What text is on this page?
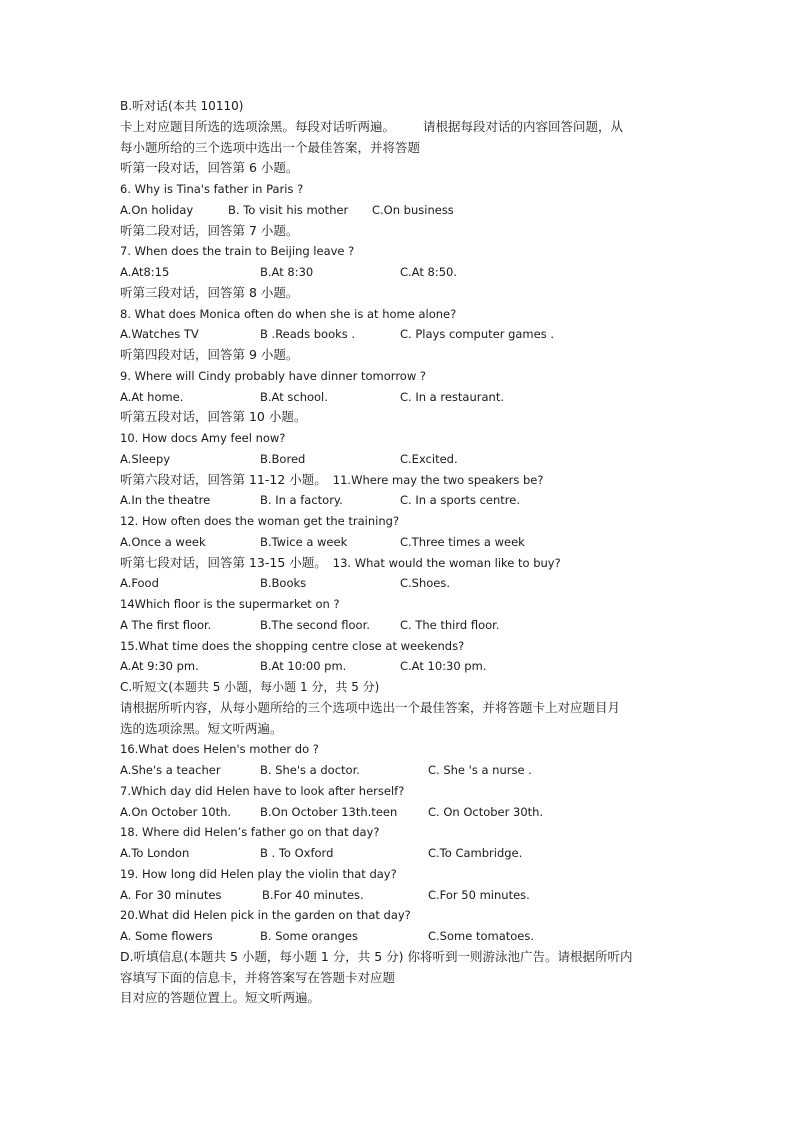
B.听对话(本共 10110)
卡上对应题目所选的选项涂黑。每段对话听两遍。 请根据每段对话的内容回答问题，从
每小题所给的三个选项中选出一个最佳答案，并将答题
听第一段对话，回答第 6 小题。
6. Why is Tina's father in Paris ?
A.On holiday	B. To visit his mother C.On business
听第二段对话，回答第 7 小题。
7. When does the train to Beijing leave ?
A.At8:15	B.At 8:30	C.At 8:50.
听第三段对话，回答第 8 小题。
8. What does Monica often do when she is at home alone?
A.Watches TV	B .Reads books .	C. Plays computer games .
听第四段对话，回答第 9 小题。
9. Where will Cindy probably have dinner tomorrow ?
A.At home.	B.At school.	C. In a restaurant.
听第五段对话，回答第 10 小题。
10. How docs Amy feel now?
A.Sleepy	B.Bored	C.Excited.
听第六段对话，回答第 11-12 小题。 11.Where may the two speakers be?
A.In the theatre	B. In a factory.	C. In a sports centre.
12. How often does the woman get the training?
A.Once a week	B.Twice a week	C.Three times a week
听第七段对话，回答第 13-15 小题。 13. What would the woman like to buy?
A.Food	B.Books	C.Shoes.
14Which floor is the supermarket on ?
A The first floor.	B.The second floor.	C. The third floor.
15.What time does the shopping centre close at weekends?
A.At 9:30 pm.	B.At 10:00 pm.	C.At 10:30 pm.
C.听短文(本题共 5 小题，每小题 1 分，共 5 分)
请根据所听内容，从每小题所给的三个选项中选出一个最佳答案，并将答题卡上对应题目月
选的选项涂黑。短文听两遍。
16.What does Helen's mother do ?
A.She's a teacher	B. She's a doctor.	C. She 's a nurse .
7.Which day did Helen have to look after herself?
A.On October 10th.	B.On October 13th.teen	C. On October 30th.
18. Where did Helen’s father go on that day?
A.To London	B . To Oxford	C.To Cambridge.
19. How long did Helen play the violin that day?
A. For 30 minutes	B.For 40 minutes.	C.For 50 minutes.
20.What did Helen pick in the garden on that day?
A. Some flowers	B. Some oranges	C.Some tomatoes.
D.听填信息(本题共 5 小题，每小题 1 分，共 5 分) 你将听到一则游泳池广告。请根据所听内
容填写下面的信息卡，并将答案写在答题卡对应题
目对应的答题位置上。短文听两遍。
